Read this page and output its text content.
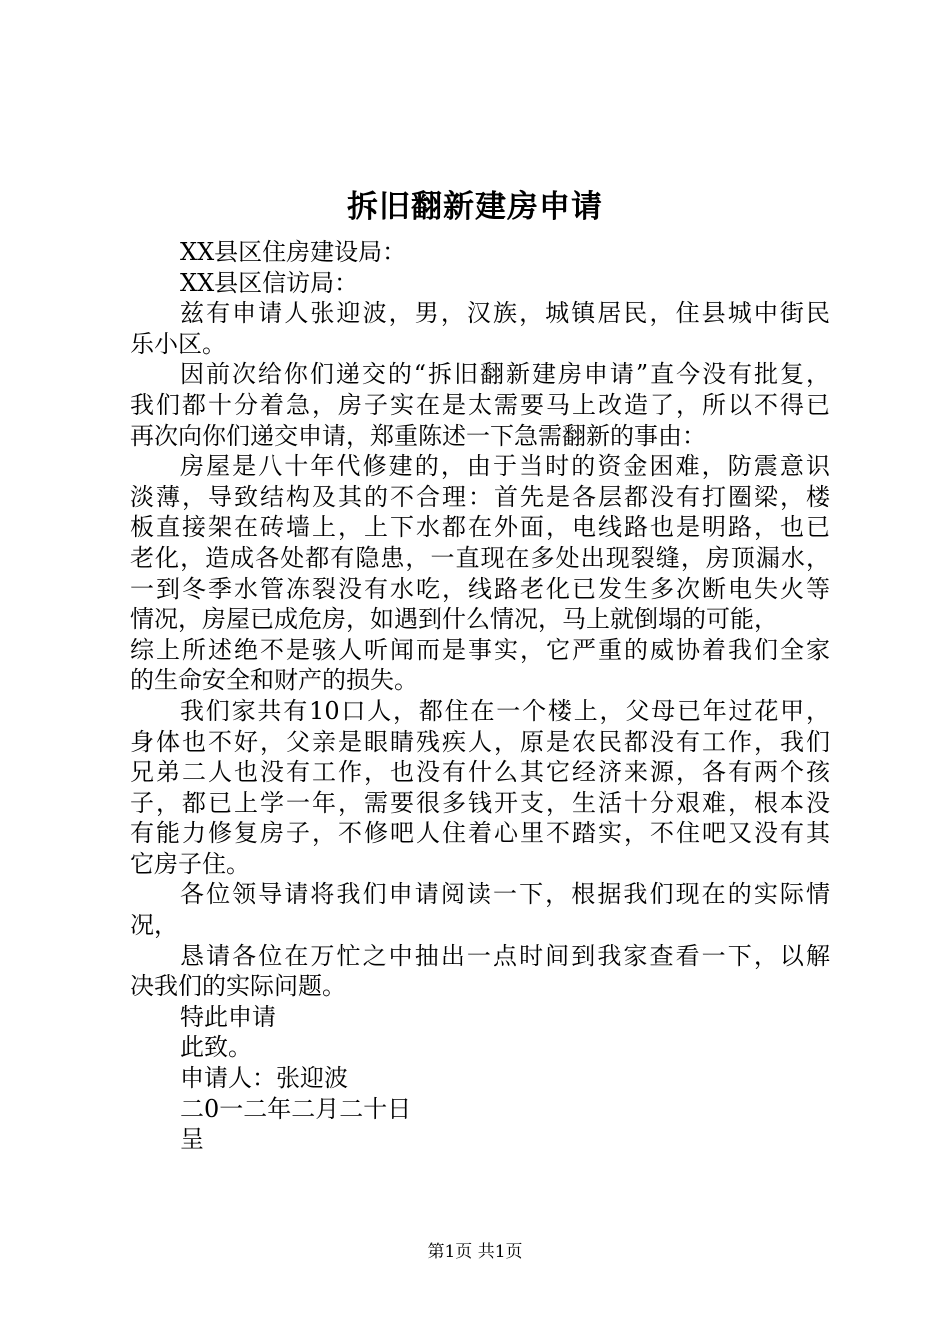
拆旧翻新建房申请
XX县区住房建设局：
XX县区信访局：
兹有申请人张迎波，男，汉族，城镇居民，住县城中街民
乐小区。
因前次给你们递交的“拆旧翻新建房申请”直今没有批复，
我们都十分着急，房子实在是太需要马上改造了，所以不得已
再次向你们递交申请，郑重陈述一下急需翻新的事由：
房屋是八十年代修建的，由于当时的资金困难，防震意识
淡薄，导致结构及其的不合理：首先是各层都没有打圈梁，楼
板直接架在砖墙上，上下水都在外面，电线路也是明路，也已
老化，造成各处都有隐患，一直现在多处出现裂缝，房顶漏水，
一到冬季水管冻裂没有水吃，线路老化已发生多次断电失火等
情况，房屋已成危房，如遇到什么情况，马上就倒塌的可能，
综上所述绝不是骇人听闻而是事实，它严重的威协着我们全家
的生命安全和财产的损失。
我们家共有10口人，都住在一个楼上，父母已年过花甲，
身体也不好，父亲是眼睛残疾人，原是农民都没有工作，我们
兄弟二人也没有工作，也没有什么其它经济来源，各有两个孩
子，都已上学一年，需要很多钱开支，生活十分艰难，根本没
有能力修复房子，不修吧人住着心里不踏实，不住吧又没有其
它房子住。
各位领导请将我们申请阅读一下，根据我们现在的实际情
况，
恳请各位在万忙之中抽出一点时间到我家查看一下，以解
决我们的实际问题。
特此申请
此致。
申请人：张迎波
二0一二年二月二十日
呈
第1页 共1页
